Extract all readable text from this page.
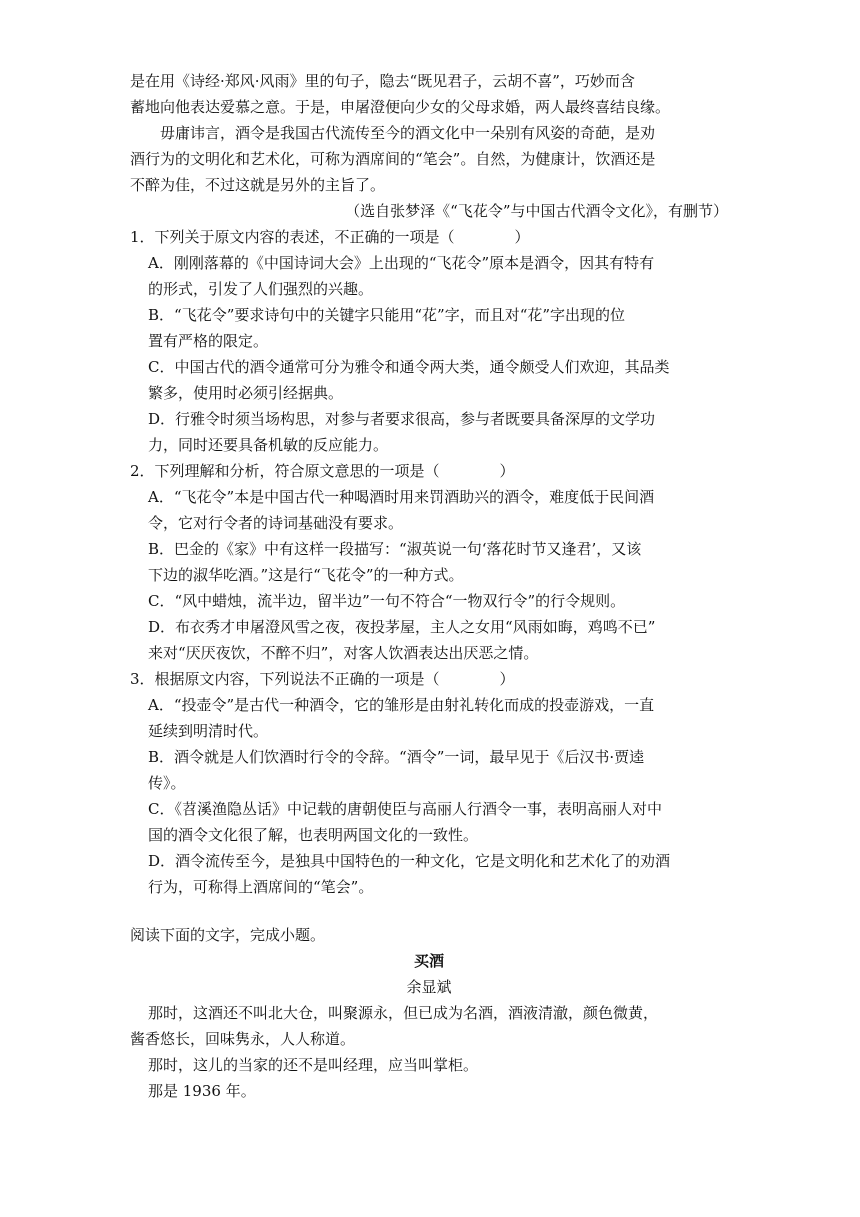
是在用《诗经·郑风·风雨》里的句子，隐去“既见君子，云胡不喜”，巧妙而含
蓄地向他表达爱慕之意。于是，申屠澄便向少女的父母求婚，两人最终喜结良缘。
毋庸讳言，酒令是我国古代流传至今的酒文化中一朵别有风姿的奇葩，是劝
酒行为的文明化和艺术化，可称为酒席间的“笔会”。自然，为健康计，饮酒还是
不醉为佳，不过这就是另外的主旨了。
（选自张梦泽《“飞花令”与中国古代酒令文化》，有删节）
1．下列关于原文内容的表述，不正确的一项是（　　　　）
A．刚刚落幕的《中国诗词大会》上出现的“飞花令”原本是酒令，因其有特有
的形式，引发了人们强烈的兴趣。
B．“飞花令”要求诗句中的关键字只能用“花”字，而且对“花”字出现的位
置有严格的限定。
C．中国古代的酒令通常可分为雅令和通令两大类，通令颇受人们欢迎，其品类
繁多，使用时必须引经据典。
D．行雅令时须当场构思，对参与者要求很高，参与者既要具备深厚的文学功
力，同时还要具备机敏的反应能力。
2．下列理解和分析，符合原文意思的一项是（　　　　）
A．“飞花令”本是中国古代一种喝酒时用来罚酒助兴的酒令，难度低于民间酒
令，它对行令者的诗词基础没有要求。
B．巴金的《家》中有这样一段描写：“淑英说一句‘落花时节又逢君’，又该
下边的淑华吃酒。”这是行“飞花令”的一种方式。
C．“风中蜡烛，流半边，留半边”一句不符合“一物双行令”的行令规则。
D．布衣秀才申屠澄风雪之夜，夜投茅屋，主人之女用“风雨如晦，鸡鸣不已”
来对“厌厌夜饮，不醉不归”，对客人饮酒表达出厌恶之情。
3．根据原文内容，下列说法不正确的一项是（　　　　）
A．“投壶令”是古代一种酒令，它的雏形是由射礼转化而成的投壶游戏，一直
延续到明清时代。
B．酒令就是人们饮酒时行令的令辞。“酒令”一词，最早见于《后汉书·贾逵
传》。
C．《苕溪渔隐丛话》中记载的唐朝使臣与高丽人行酒令一事，表明高丽人对中
国的酒令文化很了解，也表明两国文化的一致性。
D．酒令流传至今，是独具中国特色的一种文化，它是文明化和艺术化了的劝酒
行为，可称得上酒席间的“笔会”。
阅读下面的文字，完成小题。
买酒
余显斌
那时，这酒还不叫北大仓，叫聚源永，但已成为名酒，酒液清澈，颜色微黄，
酱香悠长，回味隽永，人人称道。
那时，这儿的当家的还不是叫经理，应当叫掌柜。
那是 1936 年。
